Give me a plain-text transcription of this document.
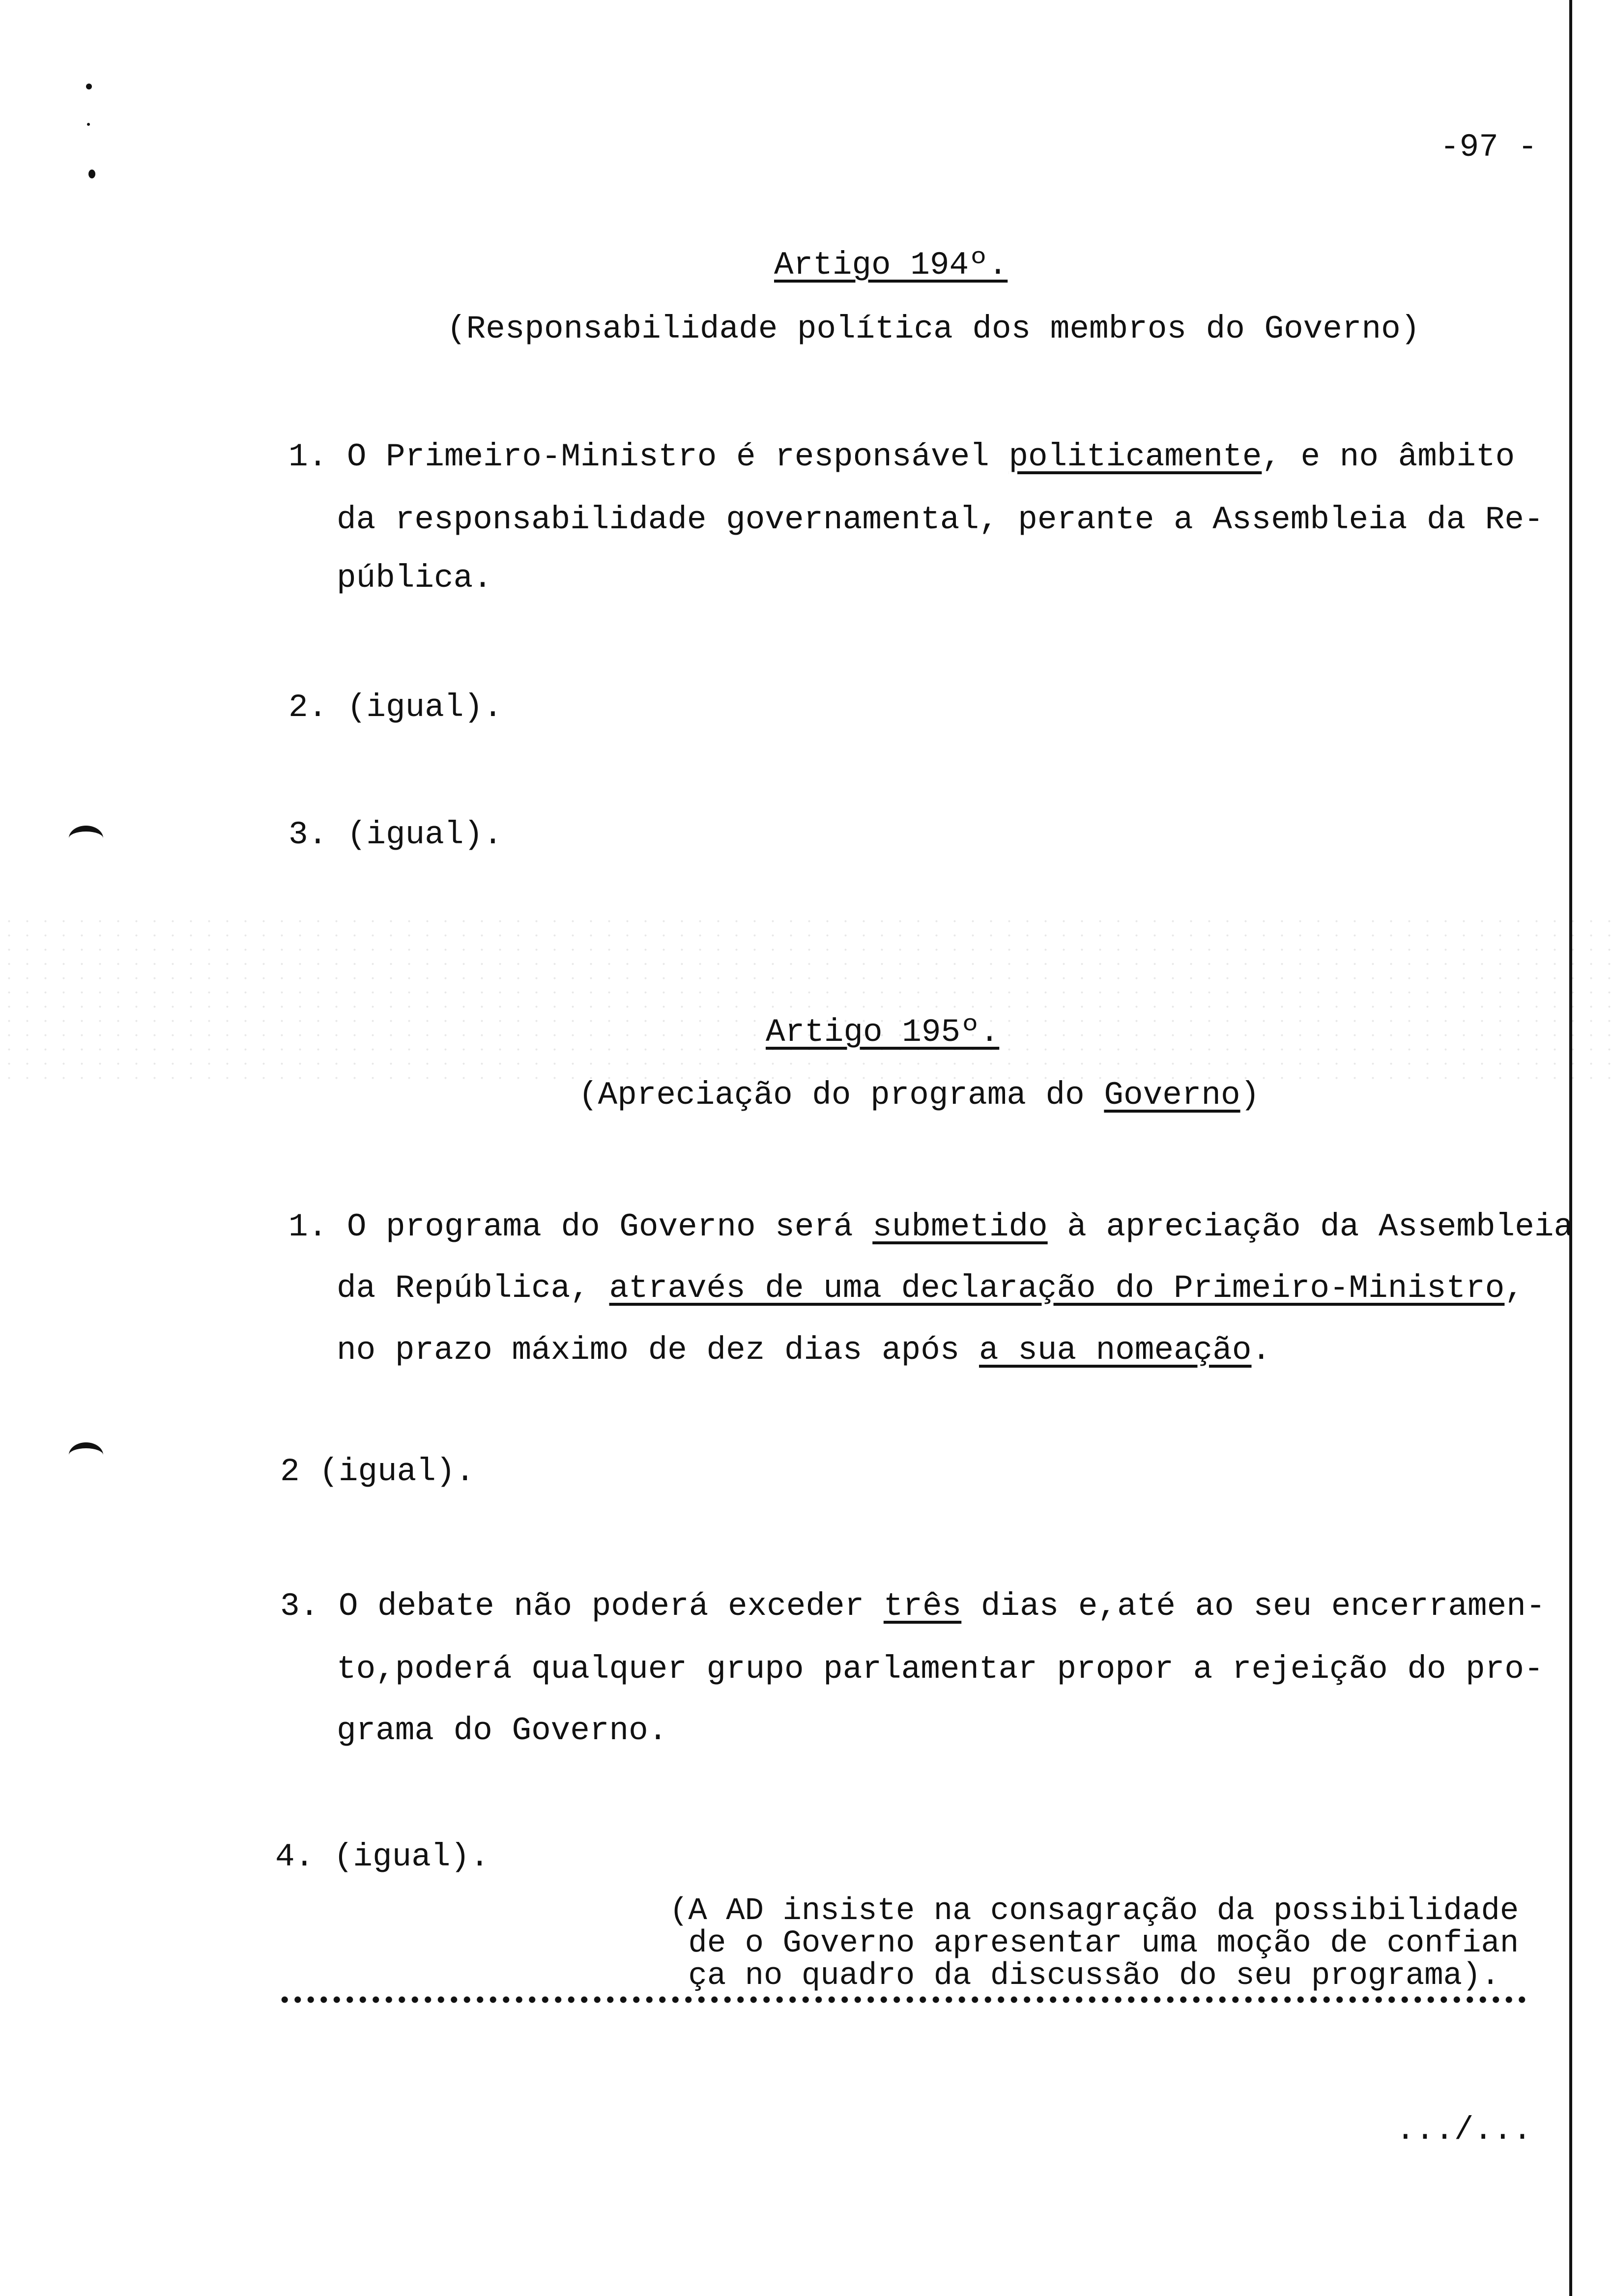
-97 -
Artigo 194º.
(Responsabilidade política dos membros do Governo)
1. O Primeiro-Ministro é responsável politicamente, e no âmbito
da responsabilidade governamental, perante a Assembleia da Re-
pública.
2. (igual).
3. (igual).
Artigo 195º.
(Apreciação do programa do Governo)
1. O programa do Governo será submetido à apreciação da Assembleia
da República, através de uma declaração do Primeiro-Ministro,
no prazo máximo de dez dias após a sua nomeação.
2 (igual).
3. O debate não poderá exceder três dias e,até ao seu encerramen-
to,poderá qualquer grupo parlamentar propor a rejeição do pro-
grama do Governo.
4. (igual).
(A AD insiste na consagração da possibilidade
de o Governo apresentar uma moção de confian
ça no quadro da discussão do seu programa).
.../...
